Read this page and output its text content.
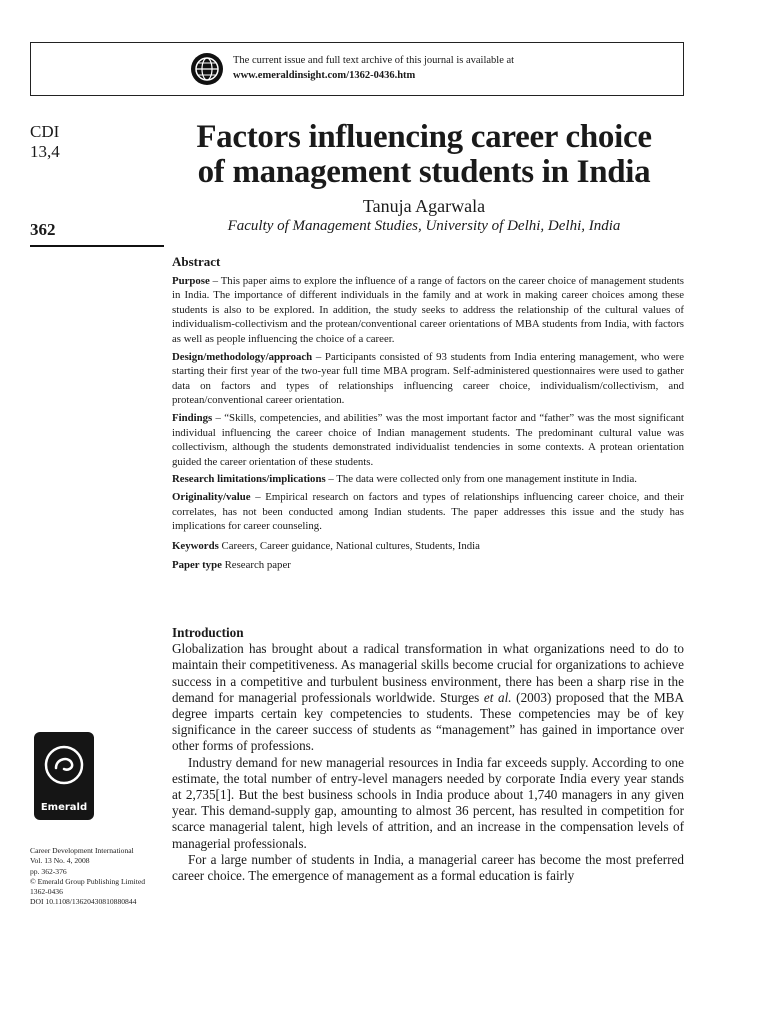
The current issue and full text archive of this journal is available at
www.emeraldinsight.com/1362-0436.htm
CDI
13,4
362
Factors influencing career choice
of management students in India
Tanuja Agarwala
Faculty of Management Studies, University of Delhi, Delhi, India
Abstract

Purpose – This paper aims to explore the influence of a range of factors on the career choice of management students in India. The importance of different individuals in the family and at work in making career choices among these students is also to be explored. In addition, the study seeks to address the relationship of the cultural values of individualism-collectivism and the protean/conventional career orientations of MBA students from India, with factors as well as people influencing the choice of a career.

Design/methodology/approach – Participants consisted of 93 students from India entering management, who were starting their first year of the two-year full time MBA program. Self-administered questionnaires were used to gather data on factors and types of relationships influencing career choice, individualism/collectivism, and protean/conventional career orientation.

Findings – “Skills, competencies, and abilities” was the most important factor and “father” was the most significant individual influencing the career choice of Indian management students. The predominant cultural value was collectivism, although the students demonstrated individualist tendencies in some contexts. A protean orientation guided the career orientation of these students.

Research limitations/implications – The data were collected only from one management institute in India.

Originality/value – Empirical research on factors and types of relationships influencing career choice, and their correlates, has not been conducted among Indian students. The paper addresses this issue and the study has implications for career counseling.

Keywords Careers, Career guidance, National cultures, Students, India

Paper type Research paper

Introduction

Globalization has brought about a radical transformation in what organizations need to do to maintain their competitiveness. As managerial skills become crucial for organizations to achieve success in a competitive and turbulent business environment, there has been a sharp rise in the demand for managerial professionals worldwide. Sturges et al. (2003) proposed that the MBA degree imparts certain key competencies to students. These competencies may be of key significance in the career success of students as “management” has gained in importance over other forms of professions.

Industry demand for new managerial resources in India far exceeds supply. According to one estimate, the total number of entry-level managers needed by corporate India every year stands at 2,735[1]. But the best business schools in India produce about 1,740 managers in any given year. This demand-supply gap, amounting to almost 36 percent, has resulted in competition for scarce managerial talent, high levels of attrition, and an increase in the compensation levels of managerial professionals.

For a large number of students in India, a managerial career has become the most preferred career choice. The emergence of management as a formal education is fairly

Emerald
Career Development International
Vol. 13 No. 4, 2008
pp. 362-376
© Emerald Group Publishing Limited
1362-0436
DOI 10.1108/13620430810880844
